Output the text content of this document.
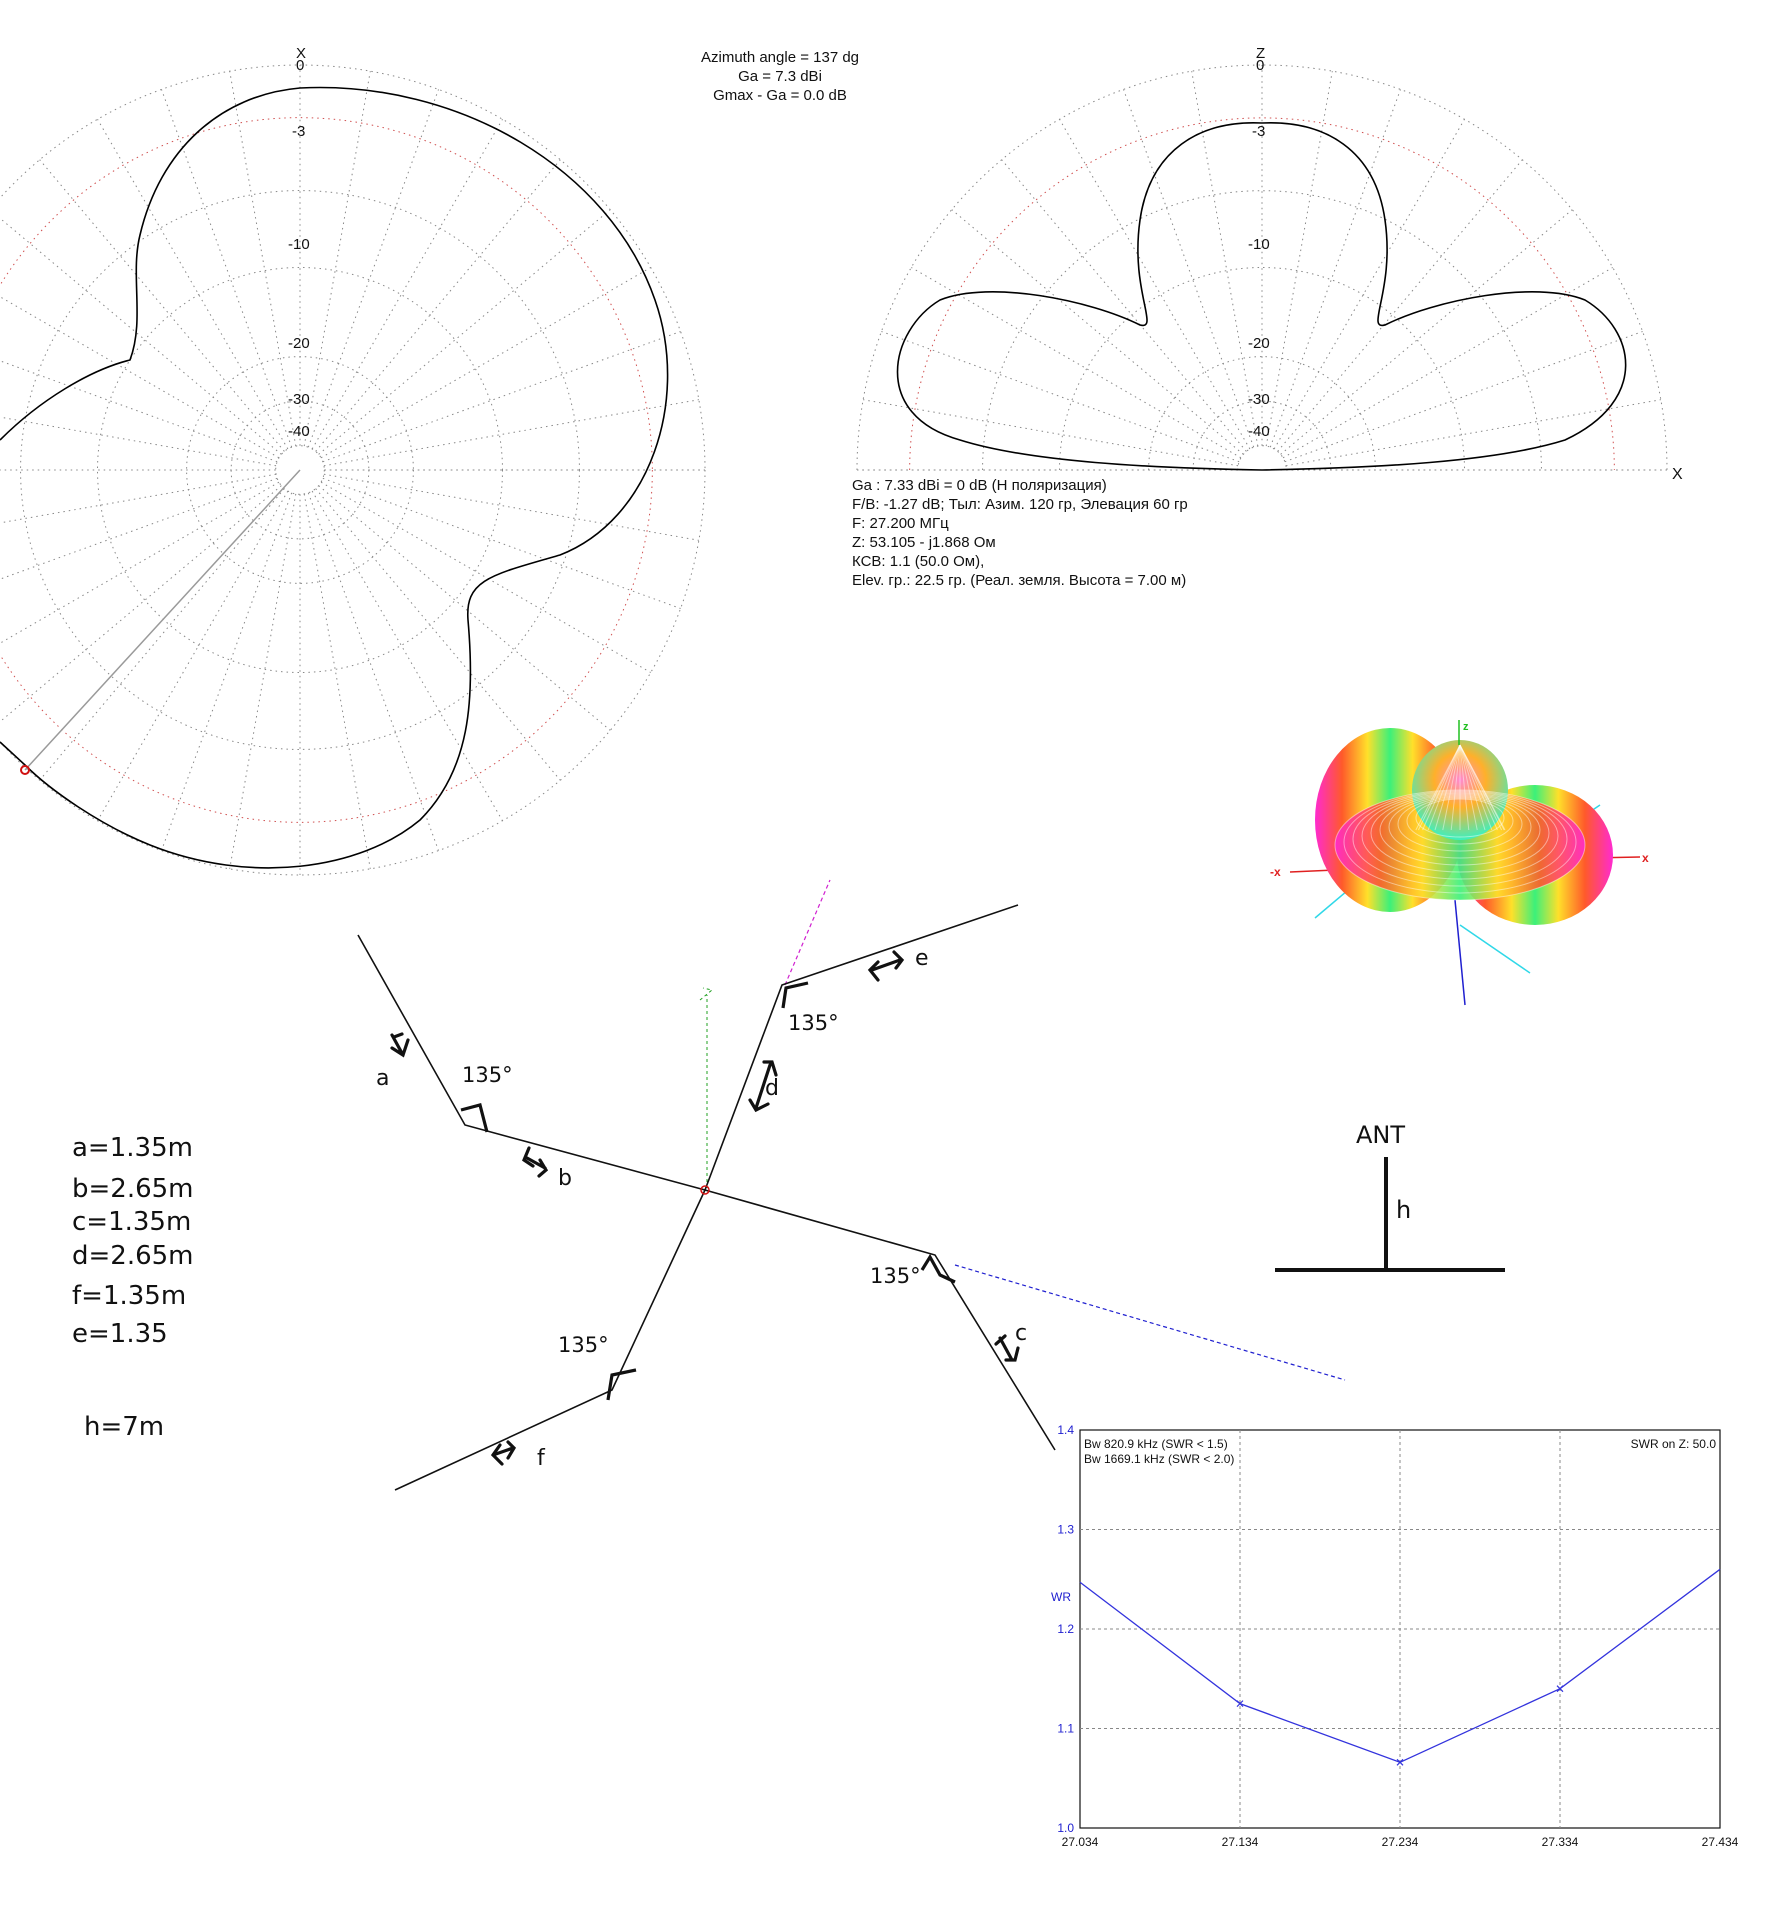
X
0
-3
-10
-20
-30
-40
Z
X
0
-3
-10
-20
-30
-40
x
-x
z
a
b
c
d
e
f
135°
135°
135°
135°
ANT
h
27.034	27.134	27.234	27.334	27.434
1.0
1.1
1.2
1.3
1.4
WR
Bw 820.9 kHz (SWR < 1.5)
Bw 1669.1 kHz (SWR < 2.0)
SWR on Z: 50.0
Azimuth angle = 137 dg
Ga = 7.3 dBi
Gmax - Ga = 0.0 dB
Ga : 7.33 dBi = 0 dB (H поляризация)
F/B: -1.27 dB; Тыл: Азим. 120 гр, Элевация 60 гр
F: 27.200 МГц
Z: 53.105 - j1.868 Ом
КСВ: 1.1 (50.0 Ом),
Elev. гр.: 22.5 гр. (Реал. земля. Высота = 7.00 м)
a=1.35m
b=2.65m
c=1.35m
d=2.65m
f=1.35m
e=1.35
h=7m
